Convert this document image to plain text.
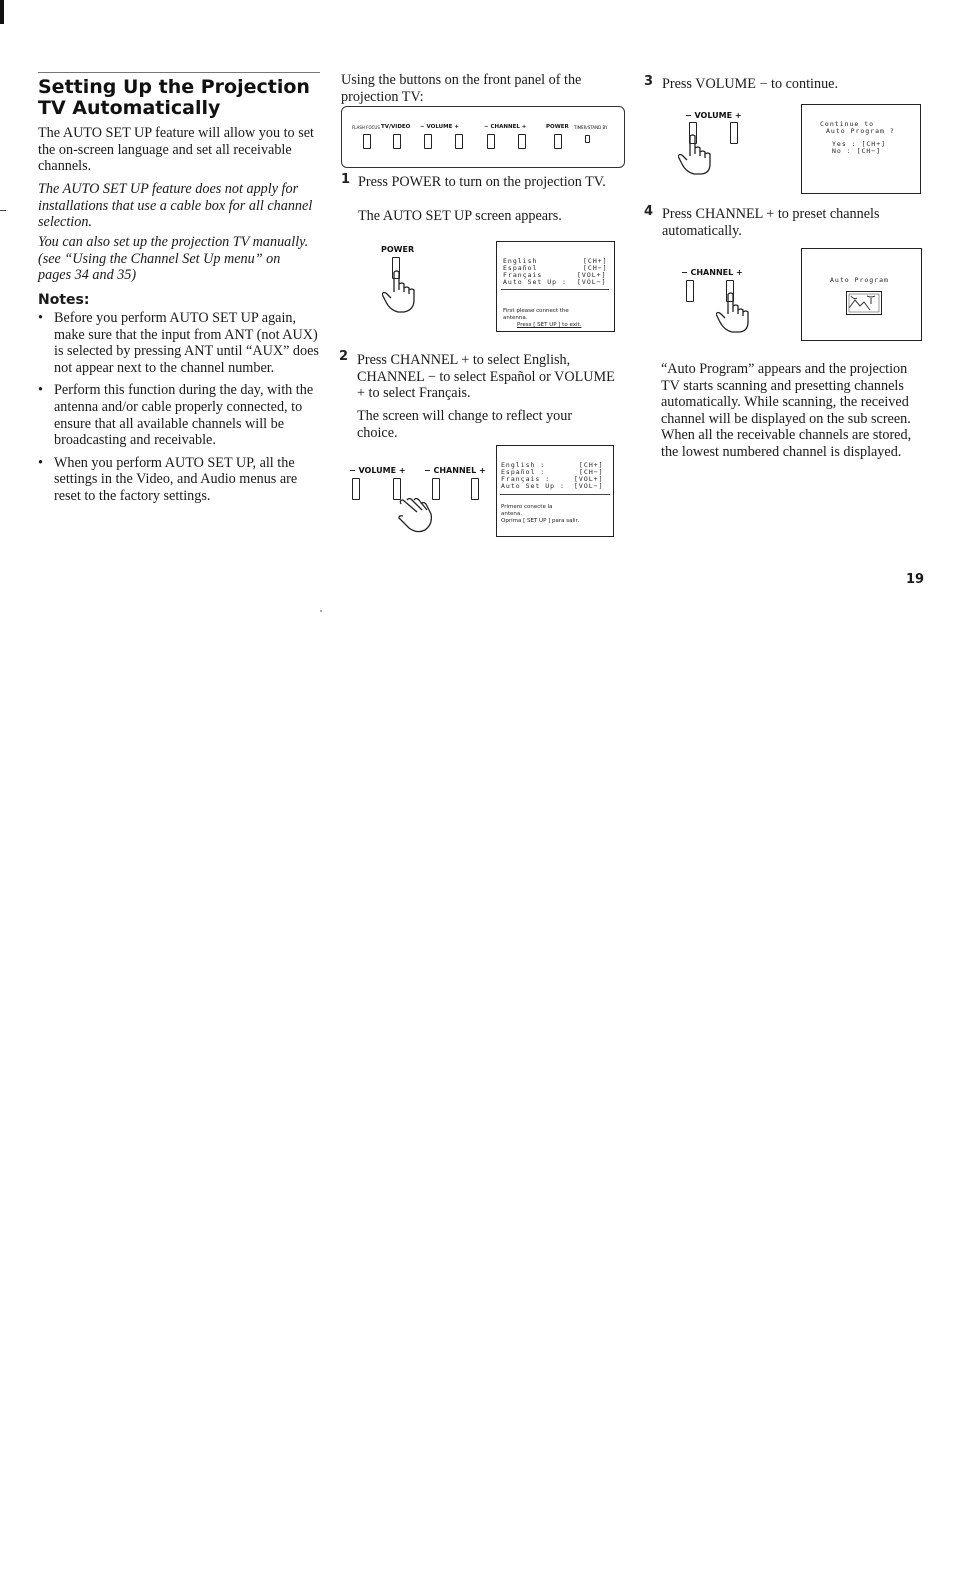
Setting Up the Projection TV Automatically
The AUTO SET UP feature will allow you to set the on-screen language and set all receivable channels.
The AUTO SET UP feature does not apply for installations that use a cable box for all channel selection.
You can also set up the projection TV manually. (see “Using the Channel Set Up menu” on pages 34 and 35)
Notes:
• Before you perform AUTO SET UP again, make sure that the input from ANT (not AUX) is selected by pressing ANT until “AUX” does not appear next to the channel number.
• Perform this function during the day, with the antenna and/or cable properly connected, to ensure that all available channels will be broadcasting and receivable.
• When you perform AUTO SET UP, all the settings in the Video, and Audio menus are reset to the factory settings.
Using the buttons on the front panel of the projection TV:
FLASH FOCUS TV/VIDEO − VOLUME +	− CHANNEL +	POWER TIMER/STAND BY
1 Press POWER to turn on the projection TV.
The AUTO SET UP screen appears.
POWER
English	[CH+]
Español	[CH−]
Français	[VOL+]
Auto Set Up : [VOL−]
First please connect the antenna.
Press [ SET UP ] to exit.
2 Press CHANNEL + to select English, CHANNEL − to select Español or VOLUME + to select Français.
The screen will change to reflect your choice.
− VOLUME + − CHANNEL +
English :	[CH+]
Español :	[CH−]
Français :	[VOL+]
Auto Set Up : [VOL−]
Primero conecte la antena.
Oprima [ SET UP ] para salir.
3 Press VOLUME − to continue.
− VOLUME +
Continue to
Auto Program ?
Yes : [CH+]
No : [CH−]
4 Press CHANNEL + to preset channels automatically.
− CHANNEL +
Auto Program
“Auto Program” appears and the projection TV starts scanning and presetting channels automatically. While scanning, the received channel will be displayed on the sub screen. When all the receivable channels are stored, the lowest numbered channel is displayed.
19
